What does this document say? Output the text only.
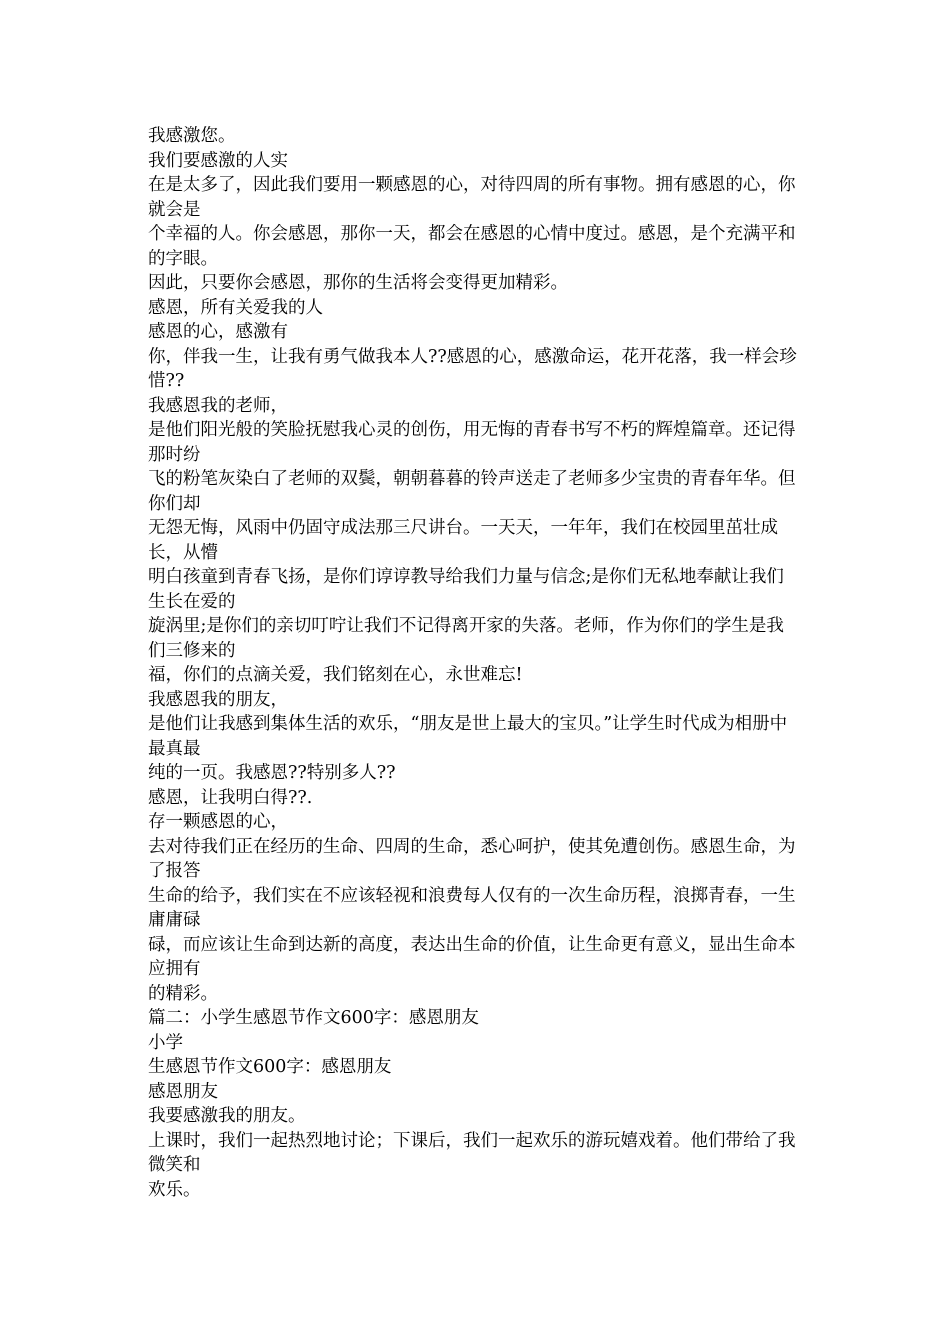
我感激您。

我们要感激的人实

在是太多了，因此我们要用一颗感恩的心，对待四周的所有事物。拥有感恩的心，你就会是

个幸福的人。你会感恩，那你一天，都会在感恩的心情中度过。感恩，是个充满平和的字眼。

因此，只要你会感恩，那你的生活将会变得更加精彩。

感恩，所有关爱我的人

感恩的心，感激有

你，伴我一生，让我有勇气做我本人??感恩的心，感激命运，花开花落，我一样会珍惜??

我感恩我的老师，

是他们阳光般的笑脸抚慰我心灵的创伤，用无悔的青春书写不朽的辉煌篇章。还记得那时纷

飞的粉笔灰染白了老师的双鬓，朝朝暮暮的铃声送走了老师多少宝贵的青春年华。但你们却

无怨无悔，风雨中仍固守成法那三尺讲台。一天天，一年年，我们在校园里茁壮成长，从懵

明白孩童到青春飞扬，是你们谆谆教导给我们力量与信念;是你们无私地奉献让我们生长在爱的

旋涡里;是你们的亲切叮咛让我们不记得离开家的失落。老师，作为你们的学生是我们三修来的

福，你们的点滴关爱，我们铭刻在心，永世难忘!

我感恩我的朋友，

是他们让我感到集体生活的欢乐，“朋友是世上最大的宝贝。”让学生时代成为相册中最真最

纯的一页。我感恩??特别多人??

感恩，让我明白得??.

存一颗感恩的心，

去对待我们正在经历的生命、四周的生命，悉心呵护，使其免遭创伤。感恩生命，为了报答

生命的给予，我们实在不应该轻视和浪费每人仅有的一次生命历程，浪掷青春，一生庸庸碌

碌，而应该让生命到达新的高度，表达出生命的价值，让生命更有意义，显出生命本应拥有

的精彩。

篇二：小学生感恩节作文600字：感恩朋友

小学

生感恩节作文600字：感恩朋友

感恩朋友

我要感激我的朋友。

上课时，我们一起热烈地讨论；下课后，我们一起欢乐的游玩嬉戏着。他们带给了我微笑和

欢乐。
